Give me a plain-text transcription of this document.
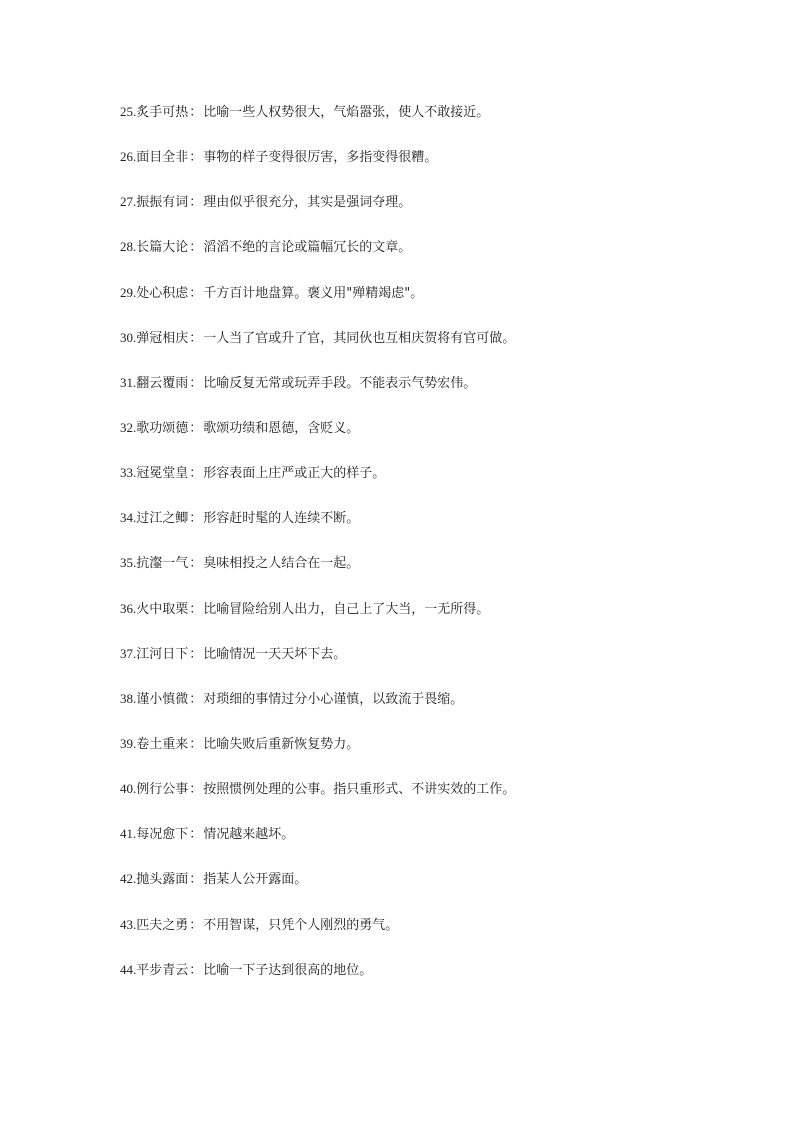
25.炙手可热：比喻一些人权势很大，气焰嚣张，使人不敢接近。
26.面目全非：事物的样子变得很厉害，多指变得很糟。
27.振振有词：理由似乎很充分，其实是强词夺理。
28.长篇大论：滔滔不绝的言论或篇幅冗长的文章。
29.处心积虑：千方百计地盘算。褒义用"殚精竭虑"。
30.弹冠相庆：一人当了官或升了官，其同伙也互相庆贺将有官可做。
31.翻云覆雨：比喻反复无常或玩弄手段。不能表示气势宏伟。
32.歌功颂德：歌颂功绩和恩德，含贬义。
33.冠冕堂皇：形容表面上庄严或正大的样子。
34.过江之鲫：形容赶时髦的人连续不断。
35.抗瀣一气：臭味相投之人结合在一起。
36.火中取栗：比喻冒险给别人出力，自己上了大当，一无所得。
37.江河日下：比喻情况一天天坏下去。
38.谨小慎微：对琐细的事情过分小心谨慎，以致流于畏缩。
39.卷土重来：比喻失败后重新恢复势力。
40.例行公事：按照惯例处理的公事。指只重形式、不讲实效的工作。
41.每况愈下：情况越来越坏。
42.抛头露面：指某人公开露面。
43.匹夫之勇：不用智谋，只凭个人刚烈的勇气。
44.平步青云：比喻一下子达到很高的地位。
